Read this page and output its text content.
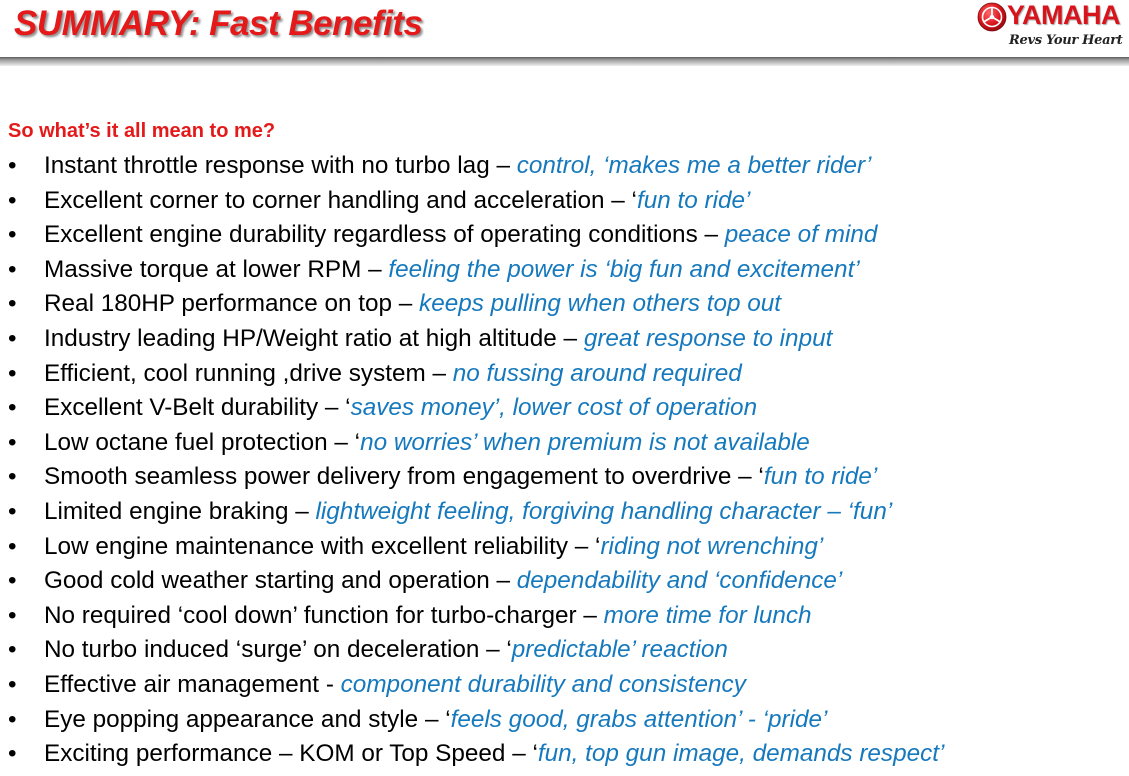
SUMMARY: Fast Benefits	YAMAHA
Revs Your Heart
So what’s it all mean to me?
• Instant throttle response with no turbo lag – control, ‘makes me a better rider’
• Excellent corner to corner handling and acceleration – ‘fun to ride’
• Excellent engine durability regardless of operating conditions – peace of mind
• Massive torque at lower RPM – feeling the power is ‘big fun and excitement’
• Real 180HP performance on top – keeps pulling when others top out
• Industry leading HP/Weight ratio at high altitude – great response to input
• Efficient, cool running ,drive system – no fussing around required
• Excellent V-Belt durability – ‘saves money’, lower cost of operation
• Low octane fuel protection – ‘no worries’ when premium is not available
• Smooth seamless power delivery from engagement to overdrive – ‘fun to ride’
• Limited engine braking – lightweight feeling, forgiving handling character – ‘fun’
• Low engine maintenance with excellent reliability – ‘riding not wrenching’
• Good cold weather starting and operation – dependability and ‘confidence’
• No required ‘cool down’ function for turbo-charger – more time for lunch
• No turbo induced ‘surge’ on deceleration – ‘predictable’ reaction
• Effective air management - component durability and consistency
• Eye popping appearance and style – ‘feels good, grabs attention’ - ‘pride’
• Exciting performance – KOM or Top Speed – ‘fun, top gun image, demands respect’
